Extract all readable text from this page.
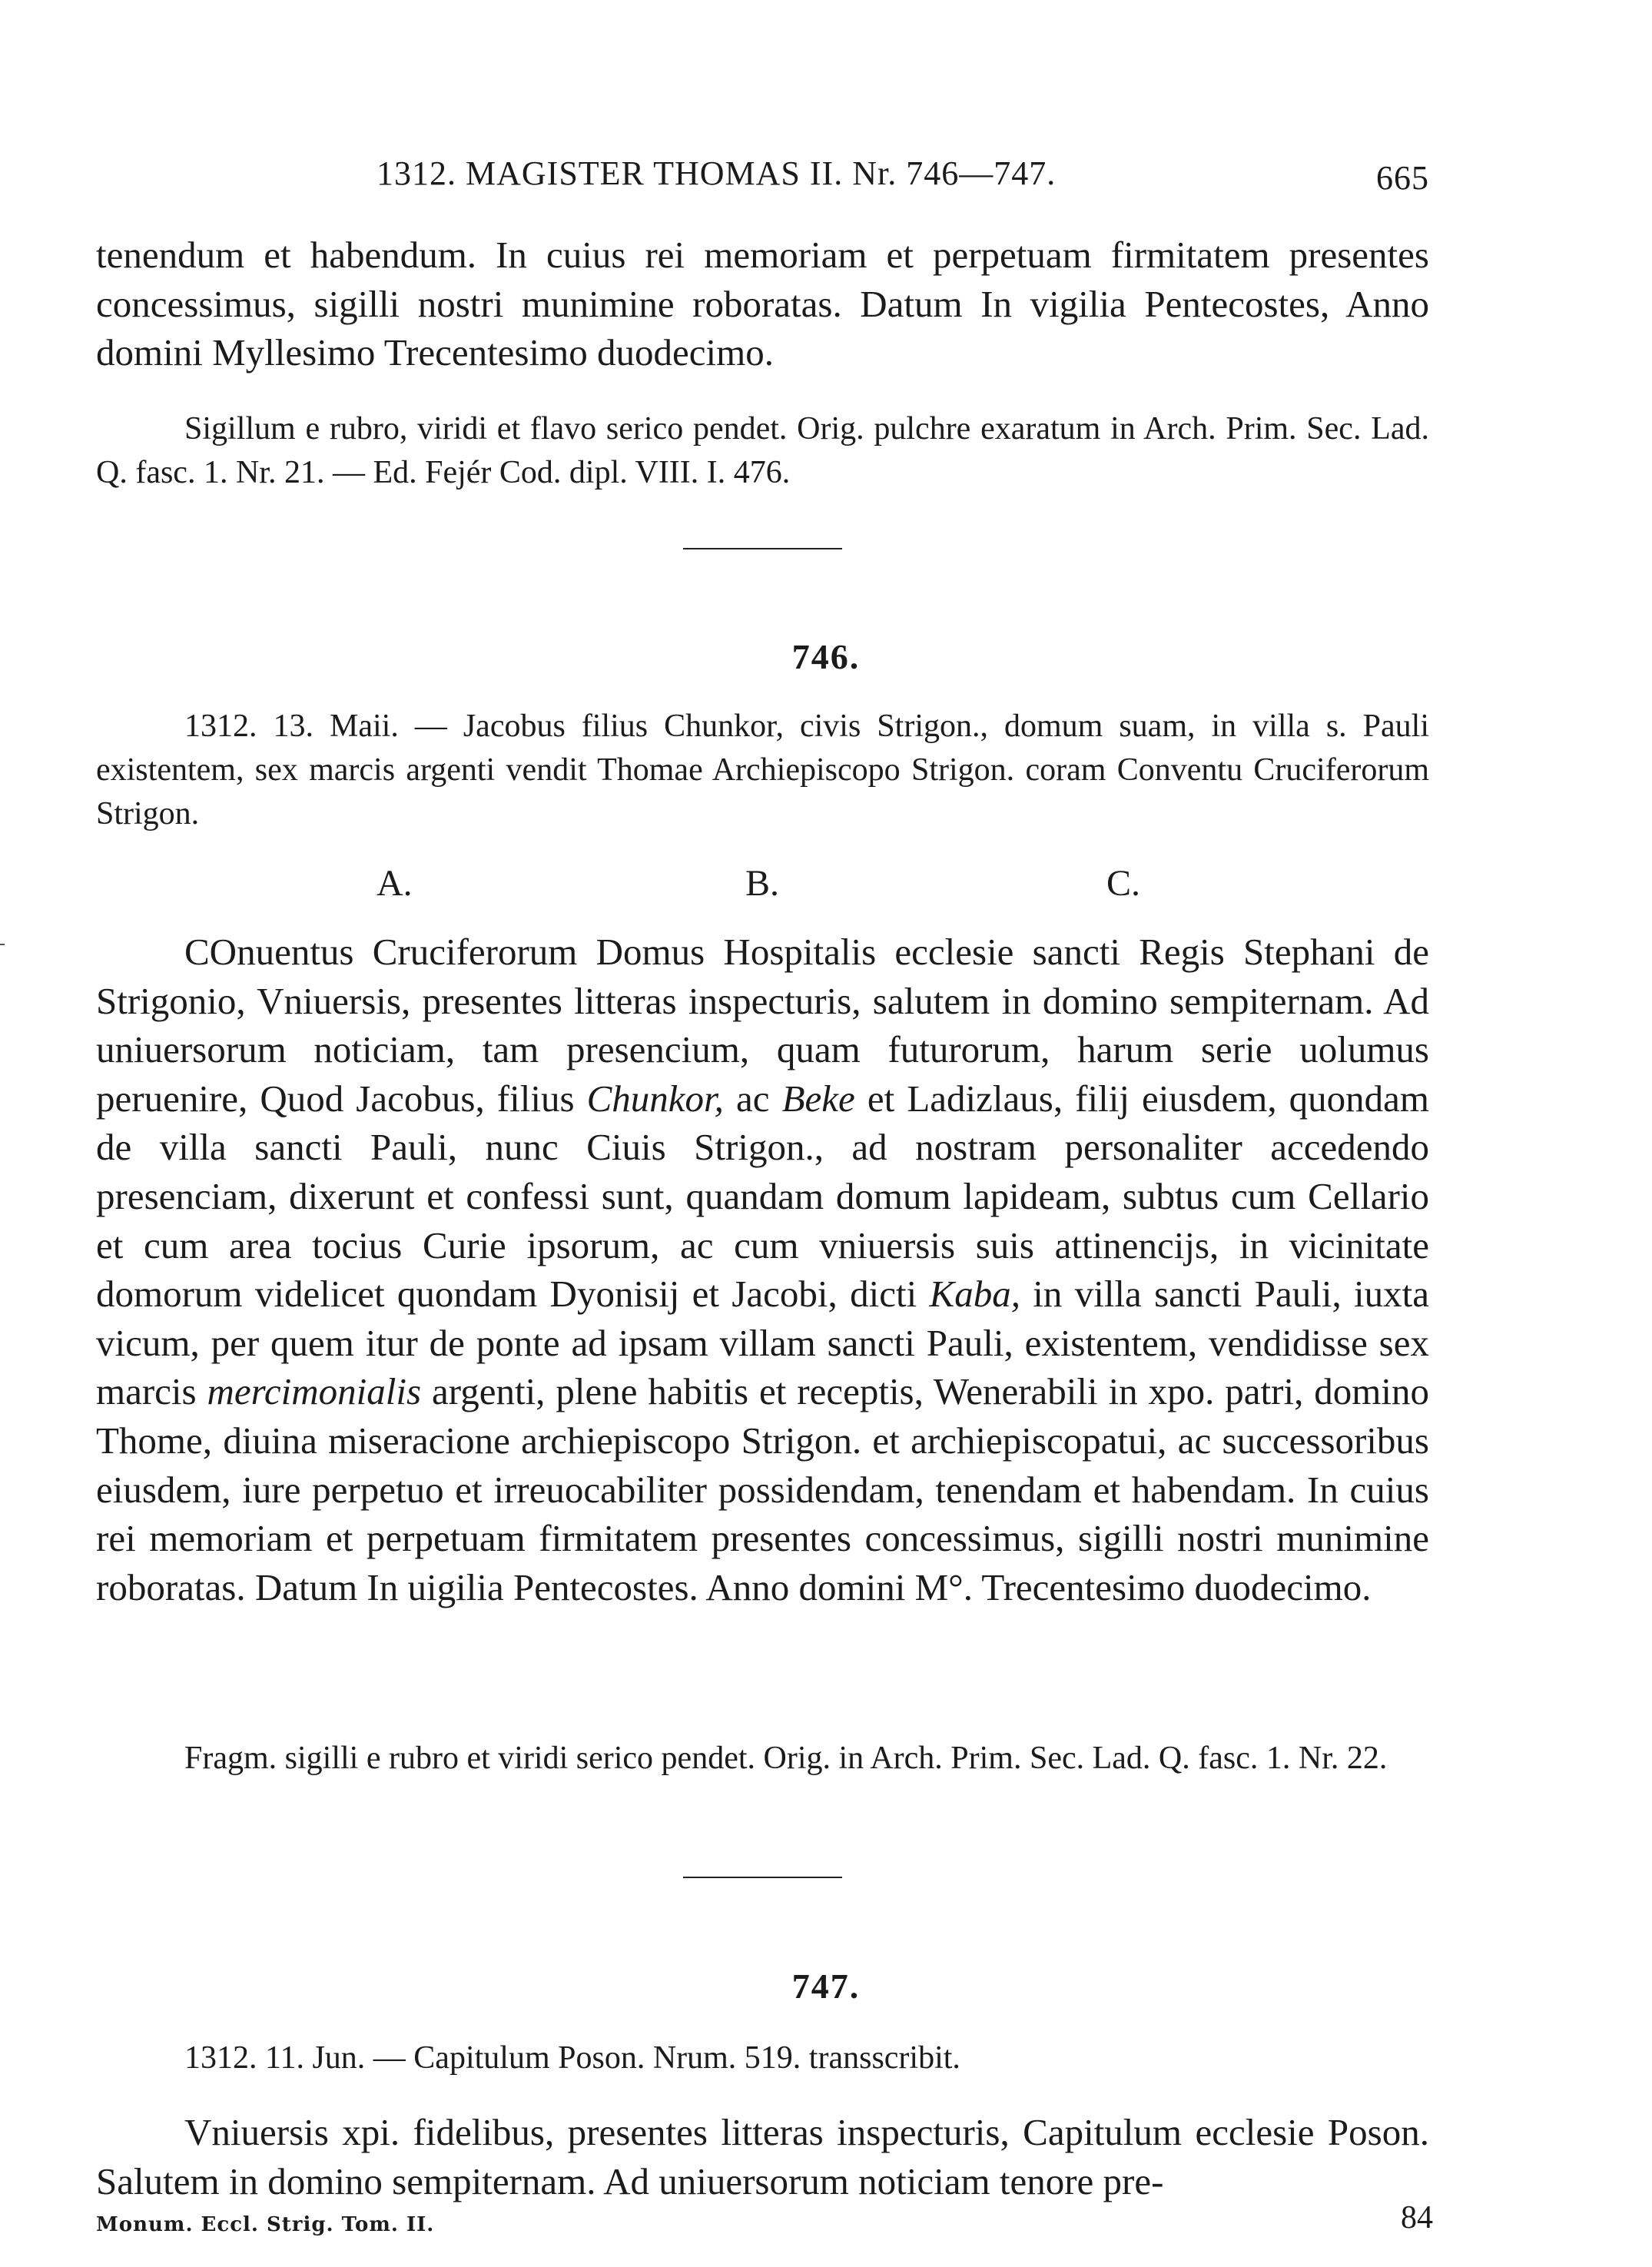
1312. MAGISTER THOMAS II. Nr. 746—747.	665

tenendum et habendum. In cuius rei memoriam et perpetuam firmitatem presentes concessimus, sigilli nostri munimine roboratas. Datum In vigilia Pentecostes, Anno domini Myllesimo Trecentesimo duodecimo.

Sigillum e rubro, viridi et flavo serico pendet. Orig. pulchre exaratum in Arch. Prim. Sec. Lad. Q. fasc. 1. Nr. 21. — Ed. Fejér Cod. dipl. VIII. I. 476.

746.

1312. 13. Maii. — Jacobus filius Chunkor, civis Strigon., domum suam, in villa s. Pauli existentem, sex marcis argenti vendit Thomae Archiepiscopo Strigon. coram Conventu Cruciferorum Strigon.

A.	B.	C.

COnuentus Cruciferorum Domus Hospitalis ecclesie sancti Regis Stephani de Strigonio, Vniuersis, presentes litteras inspecturis, salutem in domino sempiternam. Ad uniuersorum noticiam, tam presencium, quam futurorum, harum serie uolumus peruenire, Quod Jacobus, filius Chunkor, ac Beke et Ladizlaus, filij eiusdem, quondam de villa sancti Pauli, nunc Ciuis Strigon., ad nostram personaliter accedendo presenciam, dixerunt et confessi sunt, quandam domum lapideam, subtus cum Cellario et cum area tocius Curie ipsorum, ac cum vniuersis suis attinencijs, in vicinitate domorum videlicet quondam Dyonisij et Jacobi, dicti Kaba, in villa sancti Pauli, iuxta vicum, per quem itur de ponte ad ipsam villam sancti Pauli, existentem, vendidisse sex marcis mercimonialis argenti, plene habitis et receptis, Wenerabili in xpo. patri, domino Thome, diuina miseracione archiepiscopo Strigon. et archiepiscopatui, ac successoribus eiusdem, iure perpetuo et irreuocabiliter possidendam, tenendam et habendam. In cuius rei memoriam et perpetuam firmitatem presentes concessimus, sigilli nostri munimine roboratas. Datum In uigilia Pentecostes. Anno domini M°. Trecentesimo duodecimo.

Fragm. sigilli e rubro et viridi serico pendet. Orig. in Arch. Prim. Sec. Lad. Q. fasc. 1. Nr. 22.

747.

1312. 11. Jun. — Capitulum Poson. Nrum. 519. transscribit.

Vniuersis xpi. fidelibus, presentes litteras inspecturis, Capitulum ecclesie Poson. Salutem in domino sempiternam. Ad uniuersorum noticiam tenore pre-

Monum. Eccl. Strig. Tom. II.	84
